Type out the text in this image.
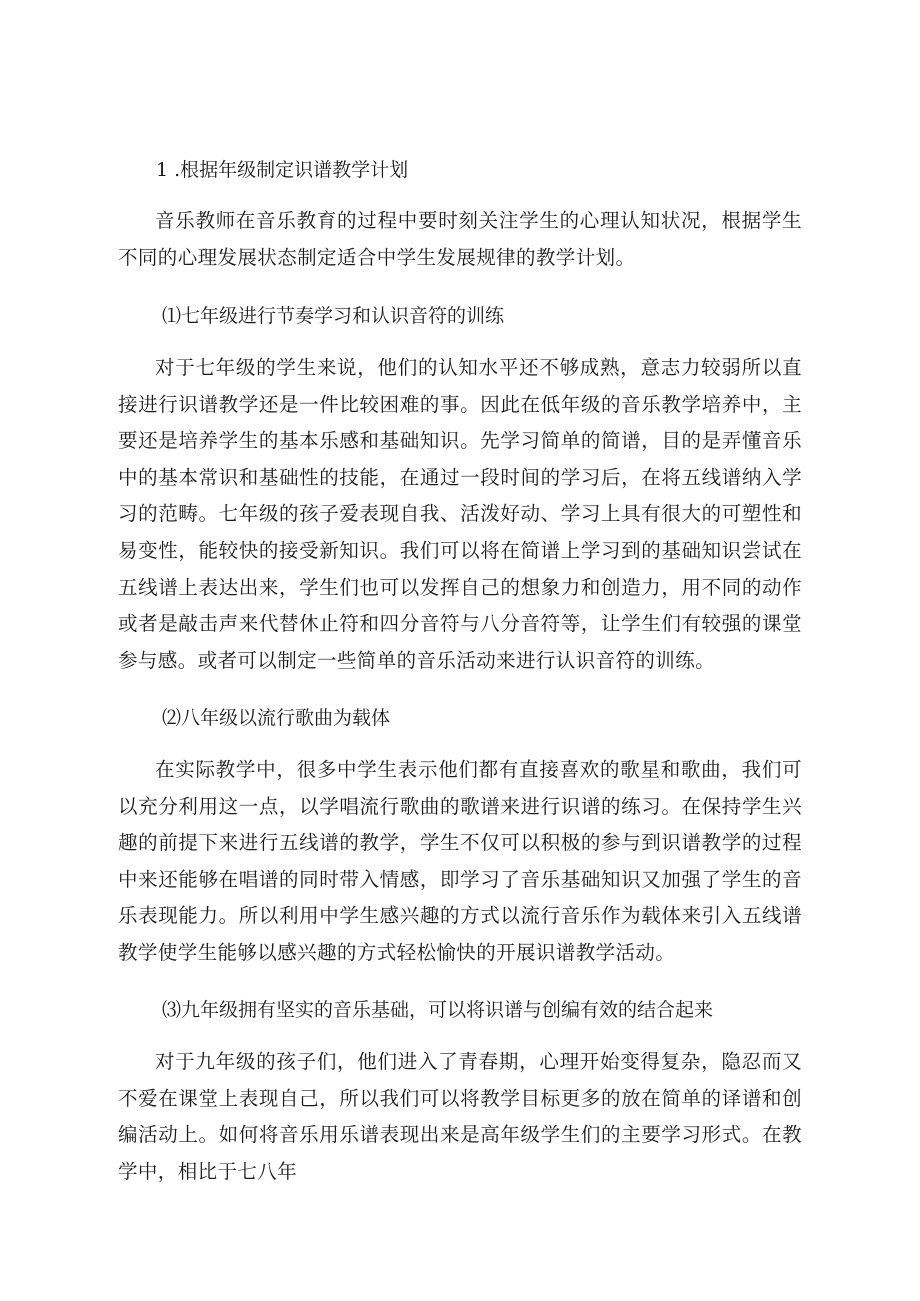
1 .根据年级制定识谱教学计划
音乐教师在音乐教育的过程中要时刻关注学生的心理认知状况，根据学生不同的心理发展状态制定适合中学生发展规律的教学计划。
⑴七年级进行节奏学习和认识音符的训练
对于七年级的学生来说，他们的认知水平还不够成熟，意志力较弱所以直接进行识谱教学还是一件比较困难的事。因此在低年级的音乐教学培养中，主要还是培养学生的基本乐感和基础知识。先学习简单的简谱，目的是弄懂音乐中的基本常识和基础性的技能，在通过一段时间的学习后，在将五线谱纳入学习的范畴。七年级的孩子爱表现自我、活泼好动、学习上具有很大的可塑性和易变性，能较快的接受新知识。我们可以将在简谱上学习到的基础知识尝试在五线谱上表达出来，学生们也可以发挥自己的想象力和创造力，用不同的动作或者是敲击声来代替休止符和四分音符与八分音符等，让学生们有较强的课堂参与感。或者可以制定一些简单的音乐活动来进行认识音符的训练。
⑵八年级以流行歌曲为载体
在实际教学中，很多中学生表示他们都有直接喜欢的歌星和歌曲，我们可以充分利用这一点，以学唱流行歌曲的歌谱来进行识谱的练习。在保持学生兴趣的前提下来进行五线谱的教学，学生不仅可以积极的参与到识谱教学的过程中来还能够在唱谱的同时带入情感，即学习了音乐基础知识又加强了学生的音乐表现能力。所以利用中学生感兴趣的方式以流行音乐作为载体来引入五线谱教学使学生能够以感兴趣的方式轻松愉快的开展识谱教学活动。
⑶九年级拥有坚实的音乐基础，可以将识谱与创编有效的结合起来
对于九年级的孩子们，他们进入了青春期，心理开始变得复杂，隐忍而又不爱在课堂上表现自己，所以我们可以将教学目标更多的放在简单的译谱和创编活动上。如何将音乐用乐谱表现出来是高年级学生们的主要学习形式。在教学中，相比于七八年
